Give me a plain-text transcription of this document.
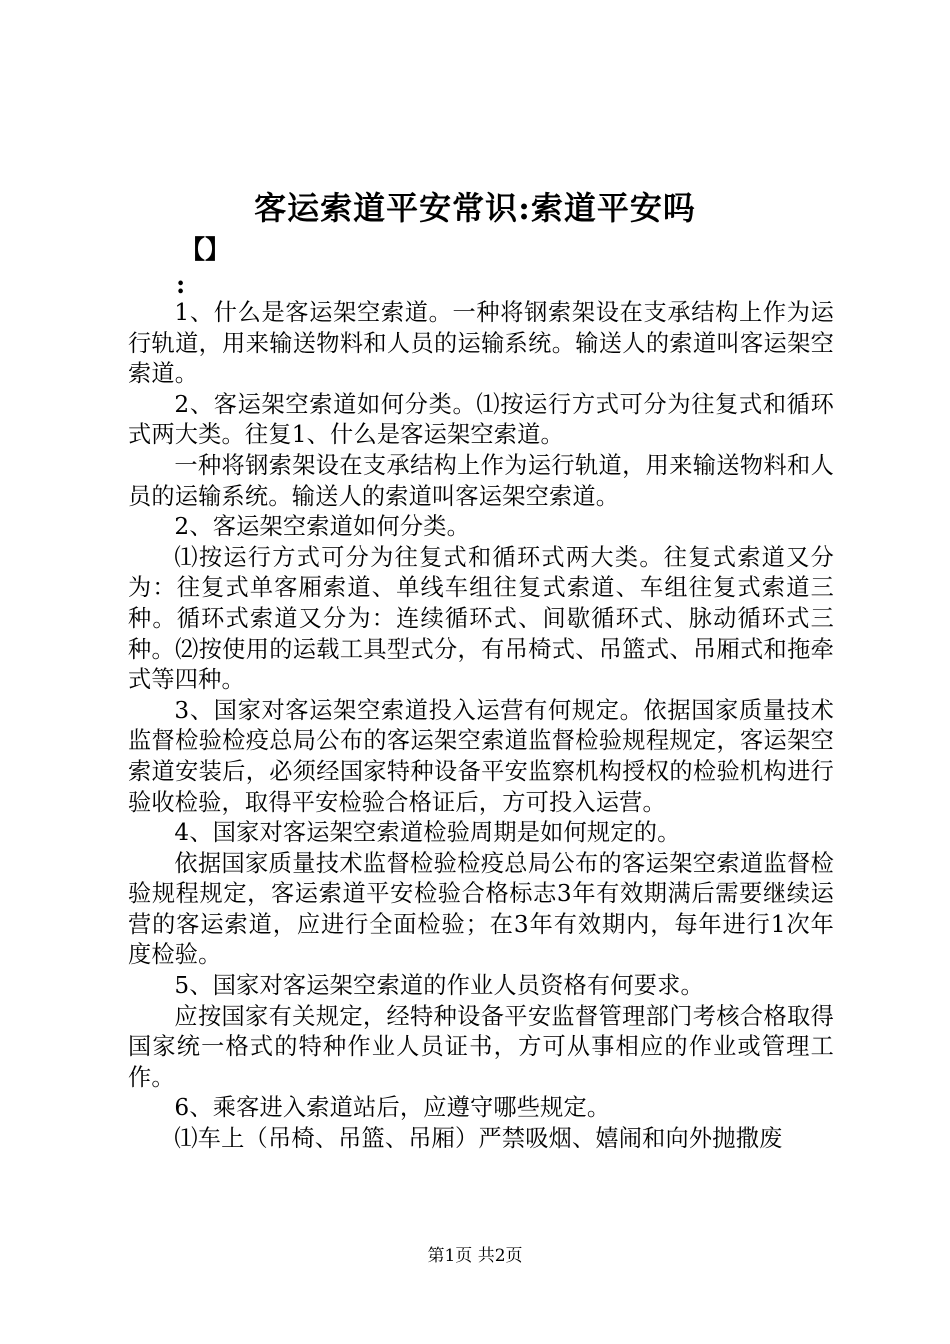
客运索道平安常识:索道平安吗
【】
:

1、什么是客运架空索道。一种将钢索架设在支承结构上作为运行轨道，用来输送物料和人员的运输系统。输送人的索道叫客运架空索道。

2、客运架空索道如何分类。⑴按运行方式可分为往复式和循环式两大类。往复1、什么是客运架空索道。

一种将钢索架设在支承结构上作为运行轨道，用来输送物料和人员的运输系统。输送人的索道叫客运架空索道。

2、客运架空索道如何分类。

⑴按运行方式可分为往复式和循环式两大类。往复式索道又分为：往复式单客厢索道、单线车组往复式索道、车组往复式索道三种。循环式索道又分为：连续循环式、间歇循环式、脉动循环式三种。⑵按使用的运载工具型式分，有吊椅式、吊篮式、吊厢式和拖牵式等四种。

3、国家对客运架空索道投入运营有何规定。依据国家质量技术监督检验检疫总局公布的客运架空索道监督检验规程规定，客运架空索道安装后，必须经国家特种设备平安监察机构授权的检验机构进行验收检验，取得平安检验合格证后，方可投入运营。

4、国家对客运架空索道检验周期是如何规定的。

依据国家质量技术监督检验检疫总局公布的客运架空索道监督检验规程规定，客运索道平安检验合格标志3年有效期满后需要继续运营的客运索道，应进行全面检验；在3年有效期内，每年进行1次年度检验。

5、国家对客运架空索道的作业人员资格有何要求。

应按国家有关规定，经特种设备平安监督管理部门考核合格取得国家统一格式的特种作业人员证书，方可从事相应的作业或管理工作。

6、乘客进入索道站后，应遵守哪些规定。

⑴车上（吊椅、吊篮、吊厢）严禁吸烟、嬉闹和向外抛撒废

第1页 共2页
